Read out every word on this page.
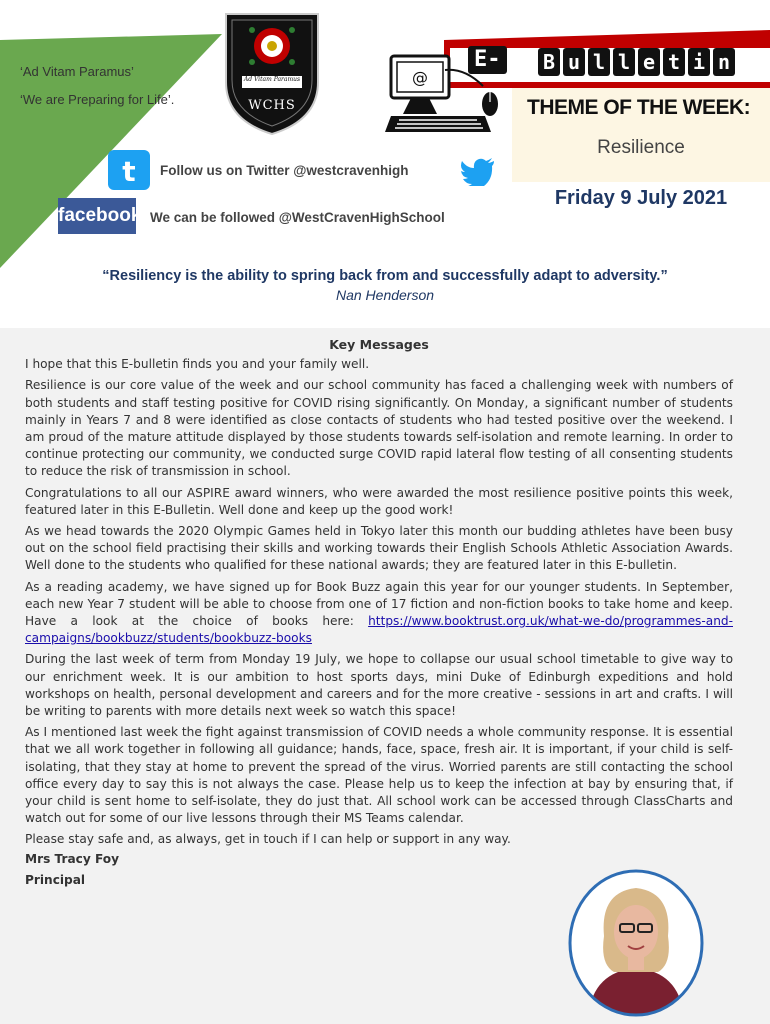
‘Ad Vitam Paramus’
‘We are Preparing for Life’.
Ad Vitam Paramus
WCHS
E-	B u l l e t i n
@
THEME OF THE WEEK:
Resilience
Friday 9 July 2021
t Follow us on Twitter @westcravenhigh
facebook We can be followed @WestCravenHighSchool
“Resiliency is the ability to spring back from and successfully adapt to adversity.”
Nan Henderson
Key Messages

I hope that this E-bulletin finds you and your family well.

Resilience is our core value of the week and our school community has faced a challenging week with numbers of both students and staff testing positive for COVID rising significantly. On Monday, a significant number of students mainly in Years 7 and 8 were identified as close contacts of students who had tested positive over the weekend. I am proud of the mature attitude displayed by those students towards self-isolation and remote learning. In order to continue protecting our community, we conducted surge COVID rapid lateral flow testing of all consenting students to reduce the risk of transmission in school.

Congratulations to all our ASPIRE award winners, who were awarded the most resilience positive points this week, featured later in this E-Bulletin. Well done and keep up the good work!

As we head towards the 2020 Olympic Games held in Tokyo later this month our budding athletes have been busy out on the school field practising their skills and working towards their English Schools Athletic Association Awards. Well done to the students who qualified for these national awards; they are featured later in this E-bulletin.

As a reading academy, we have signed up for Book Buzz again this year for our younger students. In September, each new Year 7 student will be able to choose from one of 17 fiction and non-fiction books to take home and keep. Have a look at the choice of books here: https://www.booktrust.org.uk/what-we-do/programmes-and-campaigns/bookbuzz/students/bookbuzz-books

During the last week of term from Monday 19 July, we hope to collapse our usual school timetable to give way to our enrichment week. It is our ambition to host sports days, mini Duke of Edinburgh expeditions and hold workshops on health, personal development and careers and for the more creative - sessions in art and crafts. I will be writing to parents with more details next week so watch this space!

As I mentioned last week the fight against transmission of COVID needs a whole community response. It is essential that we all work together in following all guidance; hands, face, space, fresh air. It is important, if your child is self-isolating, that they stay at home to prevent the spread of the virus. Worried parents are still contacting the school office every day to say this is not always the case. Please help us to keep the infection at bay by ensuring that, if your child is sent home to self-isolate, they do just that. All school work can be accessed through ClassCharts and watch out for some of our live lessons through their MS Teams calendar.

Please stay safe and, as always, get in touch if I can help or support in any way.

Mrs Tracy Foy

Principal
